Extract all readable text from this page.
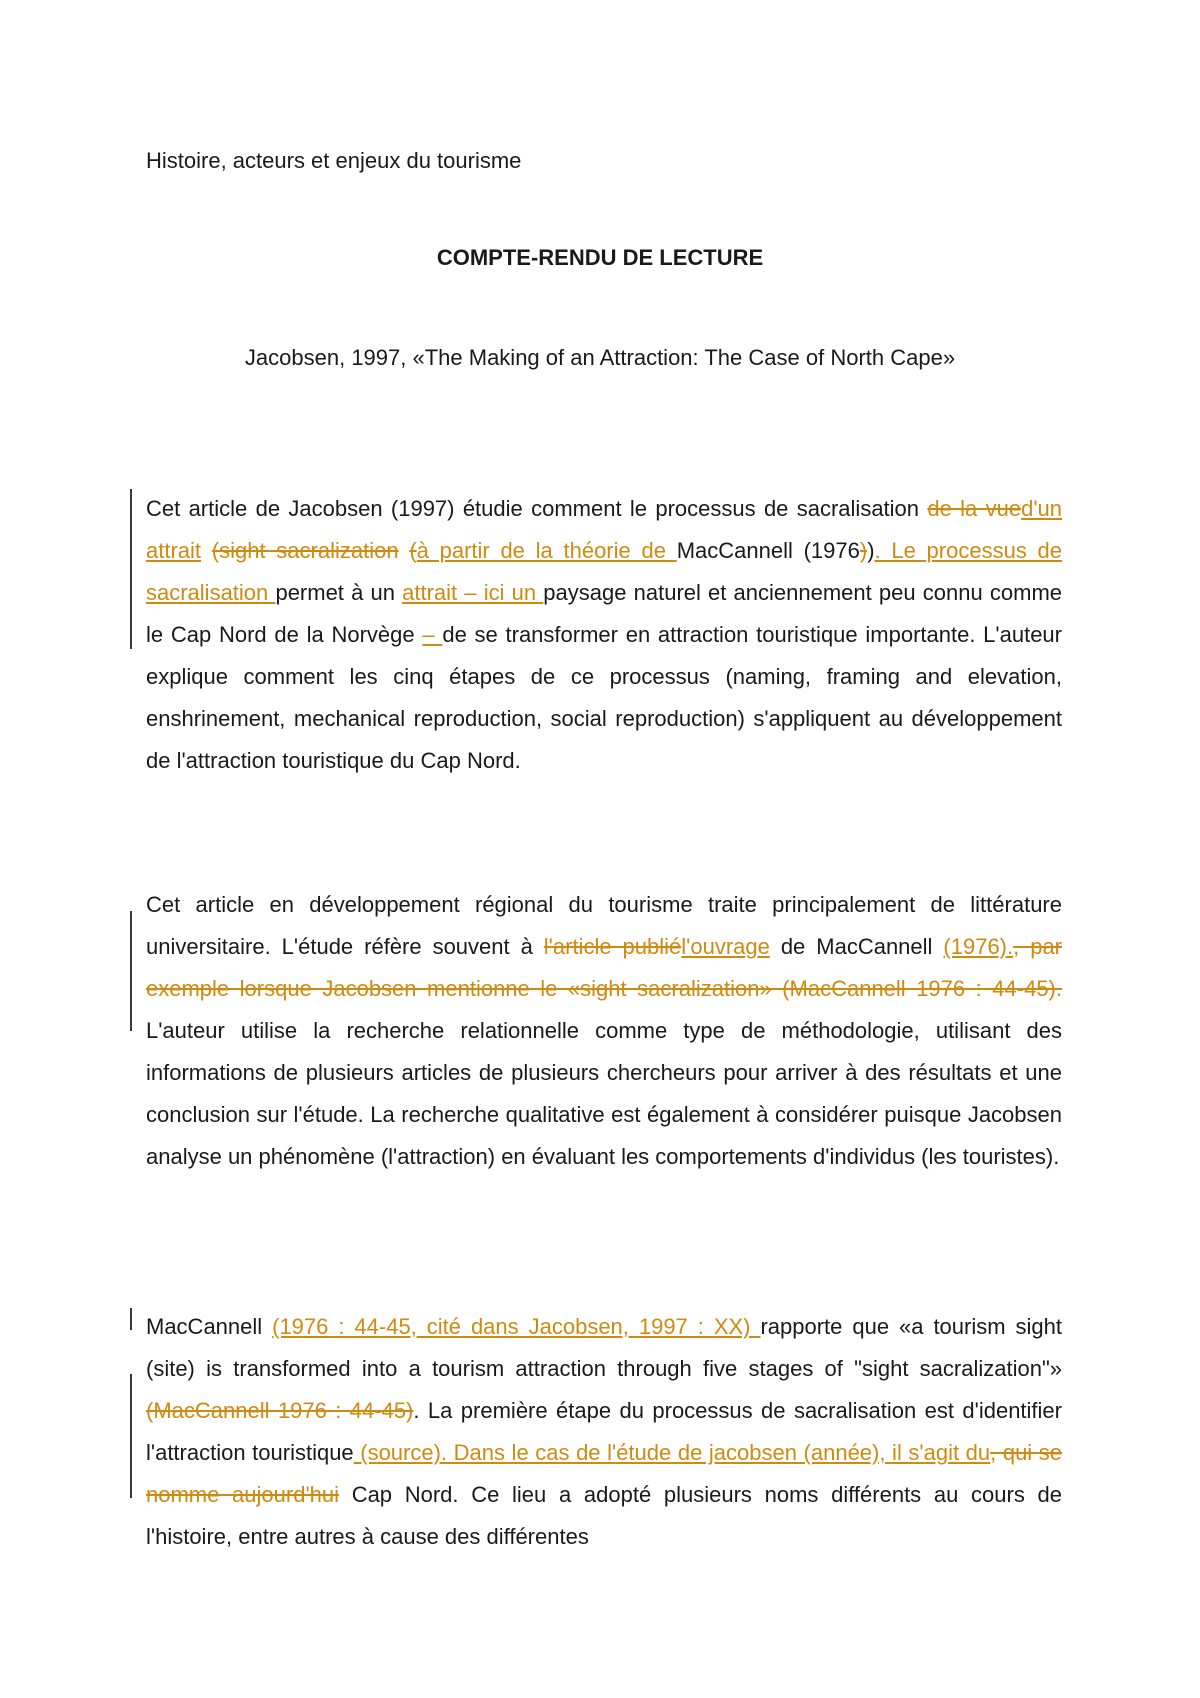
Histoire, acteurs et enjeux du tourisme
COMPTE-RENDU DE LECTURE
Jacobsen, 1997, «The Making of an Attraction: The Case of North Cape»
Cet article de Jacobsen (1997) étudie comment le processus de sacralisation de la vued'un attrait (sight sacralization (à partir de la théorie de MacCannell (1976)). Le processus de sacralisation permet à un attrait – ici un paysage naturel et anciennement peu connu comme le Cap Nord de la Norvège – de se transformer en attraction touristique importante. L'auteur explique comment les cinq étapes de ce processus (naming, framing and elevation, enshrinement, mechanical reproduction, social reproduction) s'appliquent au développement de l'attraction touristique du Cap Nord.
Cet article en développement régional du tourisme traite principalement de littérature universitaire. L'étude réfère souvent à l'article publiél'ouvrage de MacCannell (1976)., par exemple lorsque Jacobsen mentionne le «sight sacralization» (MacCannell 1976 : 44-45). L'auteur utilise la recherche relationnelle comme type de méthodologie, utilisant des informations de plusieurs articles de plusieurs chercheurs pour arriver à des résultats et une conclusion sur l'étude. La recherche qualitative est également à considérer puisque Jacobsen analyse un phénomène (l'attraction) en évaluant les comportements d'individus (les touristes).
MacCannell (1976 : 44-45, cité dans Jacobsen, 1997 : XX) rapporte que «a tourism sight (site) is transformed into a tourism attraction through five stages of "sight sacralization"» (MacCannell 1976 : 44-45). La première étape du processus de sacralisation est d'identifier l'attraction touristique (source). Dans le cas de l'étude de jacobsen (année), il s'agit du, qui se nomme aujourd'hui Cap Nord. Ce lieu a adopté plusieurs noms différents au cours de l'histoire, entre autres à cause des différentes
